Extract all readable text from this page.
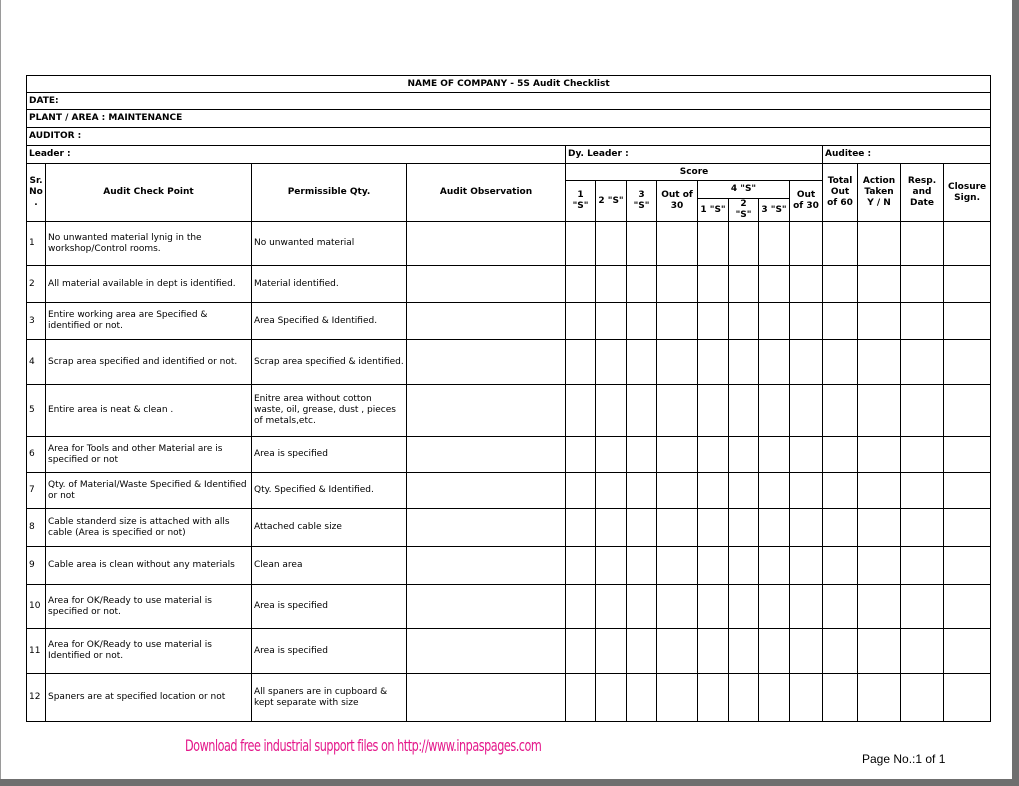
NAME OF COMPANY - 5S Audit Checklist															
DATE:															
PLANT / AREA : MAINTENANCE															
AUDITOR :															
Leader :				Dy. Leader :								Auditee :			
Sr. No .	Audit Check Point	Permissible Qty.	Audit Observation	Score								Total Out of 60	Action Taken Y / N	Resp. and Date	Closure Sign.
				1 "S"	2 "S"	3 "S"	Out of 30	4 "S"			Out of 30				
								1 "S"	2 "S"	3 "S"					
1	No unwanted material lynig in the workshop/Control rooms.	No unwanted material													
2	All material available in dept is identified.	Material identified.													
3	Entire working area are Specified & identified or not.	Area Specified & Identified.													
4	Scrap area specified and identified or not.	Scrap area specified & identified.													
5	Entire area is neat & clean .	Enitre area without cotton waste, oil, grease, dust , pieces of metals,etc.													
6	Area for Tools and other Material are is specified or not	Area is specified													
7	Qty. of Material/Waste Specified & Identified or not	Qty. Specified & Identified.													
8	Cable standerd size is attached with alls cable (Area is specified or not)	Attached cable size													
9	Cable area is clean without any materials	Clean area													
10	Area for OK/Ready to use material is specified or not.	Area is specified													
11	Area for OK/Ready to use material is Identified or not.	Area is specified													
12	Spaners are at specified location or not	All spaners are in cupboard & kept separate with size													
Download free industrial support files on http://www.inpaspages.com
Page No.:1 of 1
